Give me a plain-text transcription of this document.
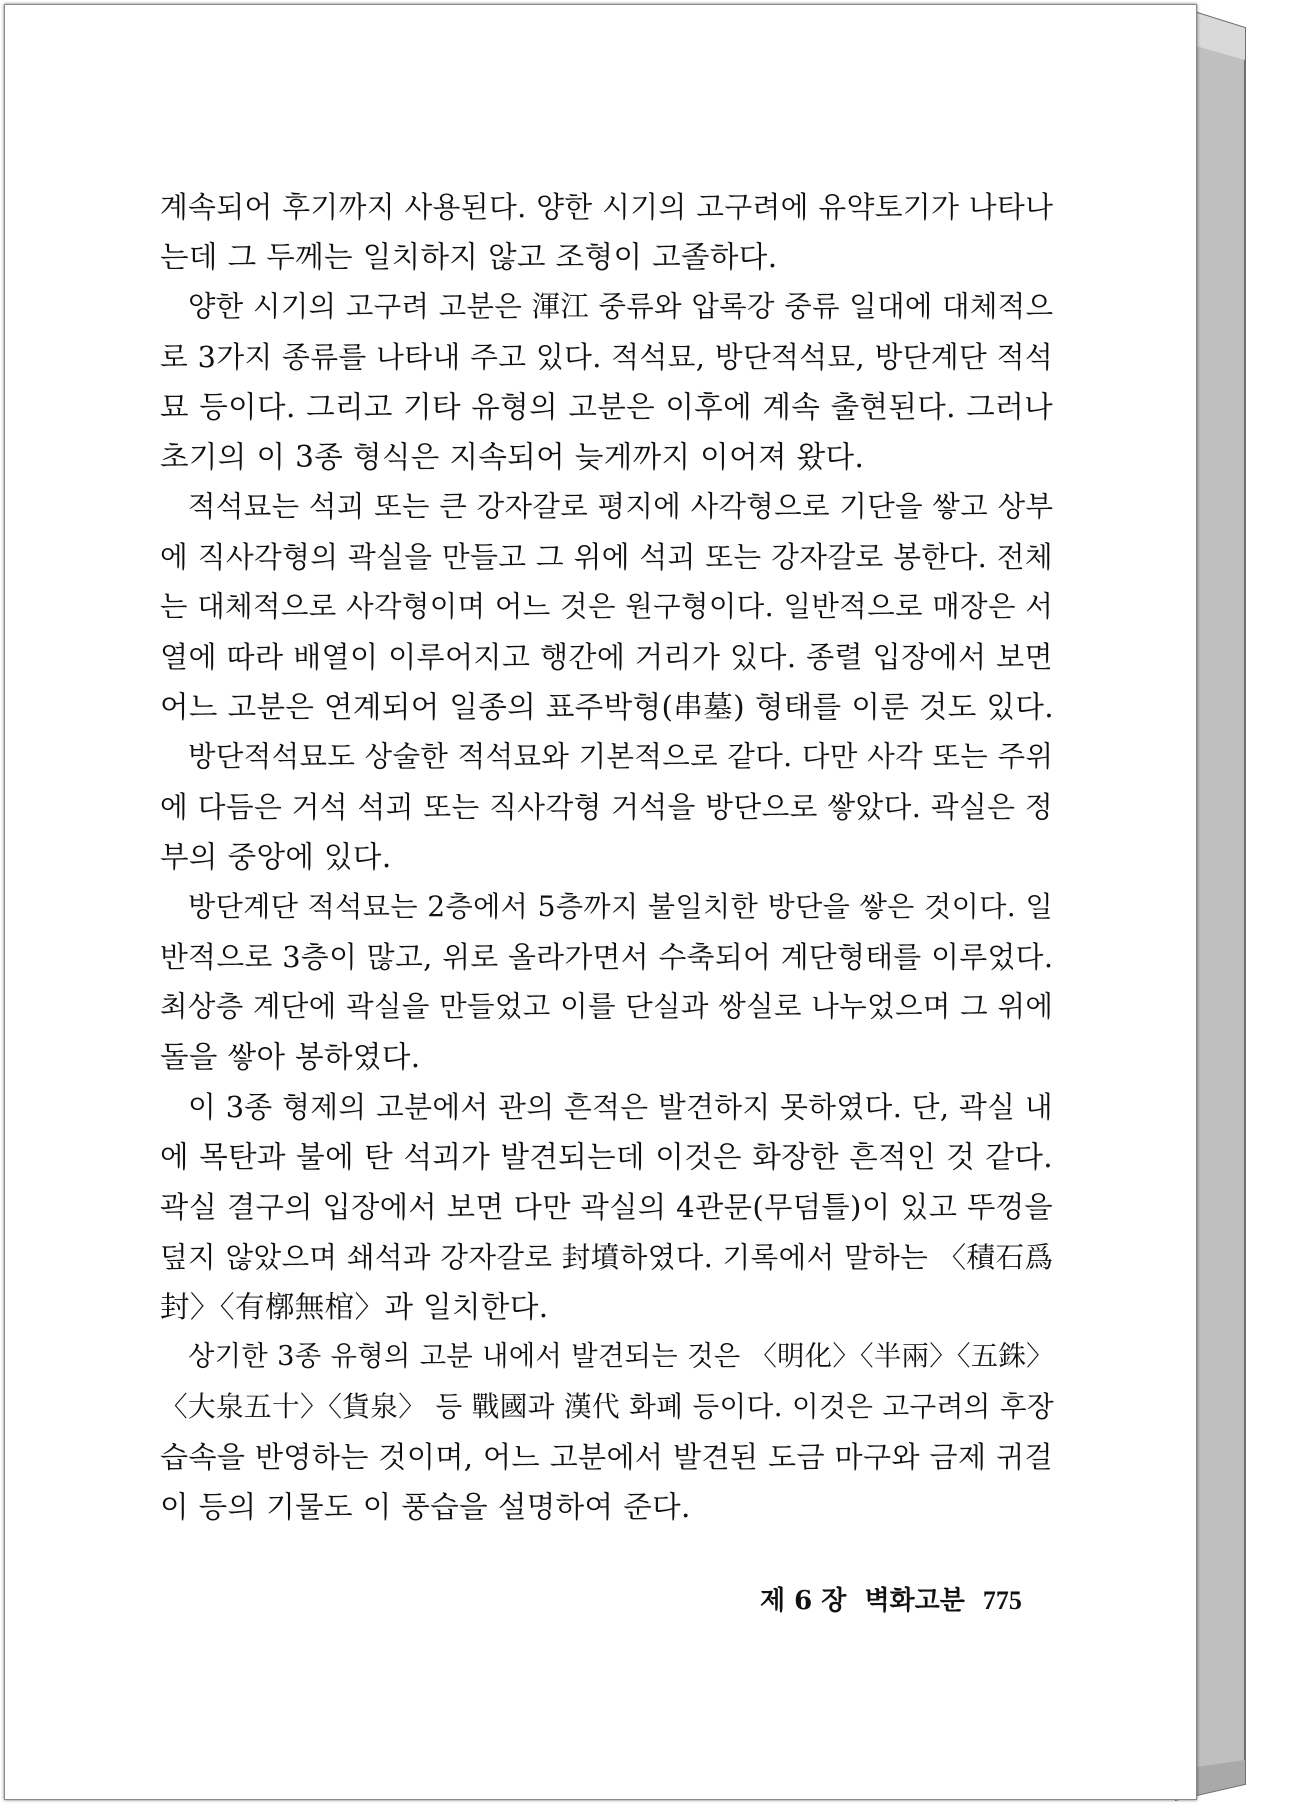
계속되어 후기까지 사용된다. 양한 시기의 고구려에 유약토기가 나타나
는데 그 두께는 일치하지 않고 조형이 고졸하다.
양한 시기의 고구려 고분은 渾江 중류와 압록강 중류 일대에 대체적으
로 3가지 종류를 나타내 주고 있다. 적석묘, 방단적석묘, 방단계단 적석
묘 등이다. 그리고 기타 유형의 고분은 이후에 계속 출현된다. 그러나
초기의 이 3종 형식은 지속되어 늦게까지 이어져 왔다.
적석묘는 석괴 또는 큰 강자갈로 평지에 사각형으로 기단을 쌓고 상부
에 직사각형의 곽실을 만들고 그 위에 석괴 또는 강자갈로 봉한다. 전체
는 대체적으로 사각형이며 어느 것은 원구형이다. 일반적으로 매장은 서
열에 따라 배열이 이루어지고 행간에 거리가 있다. 종렬 입장에서 보면
어느 고분은 연계되어 일종의 표주박형(串墓) 형태를 이룬 것도 있다.
방단적석묘도 상술한 적석묘와 기본적으로 같다. 다만 사각 또는 주위
에 다듬은 거석 석괴 또는 직사각형 거석을 방단으로 쌓았다. 곽실은 정
부의 중앙에 있다.
방단계단 적석묘는 2층에서 5층까지 불일치한 방단을 쌓은 것이다. 일
반적으로 3층이 많고, 위로 올라가면서 수축되어 계단형태를 이루었다.
최상층 계단에 곽실을 만들었고 이를 단실과 쌍실로 나누었으며 그 위에
돌을 쌓아 봉하였다.
이 3종 형제의 고분에서 관의 흔적은 발견하지 못하였다. 단, 곽실 내
에 목탄과 불에 탄 석괴가 발견되는데 이것은 화장한 흔적인 것 같다.
곽실 결구의 입장에서 보면 다만 곽실의 4관문(무덤틀)이 있고 뚜껑을
덮지 않았으며 쇄석과 강자갈로 封墳하였다. 기록에서 말하는 〈積石爲
封〉〈有槨無棺〉과 일치한다.
상기한 3종 유형의 고분 내에서 발견되는 것은 〈明化〉〈半兩〉〈五銖〉
〈大泉五十〉〈貨泉〉 등 戰國과 漢代 화폐 등이다. 이것은 고구려의 후장
습속을 반영하는 것이며, 어느 고분에서 발견된 도금 마구와 금제 귀걸
이 등의 기물도 이 풍습을 설명하여 준다.
제 6 장 벽화고분 775
